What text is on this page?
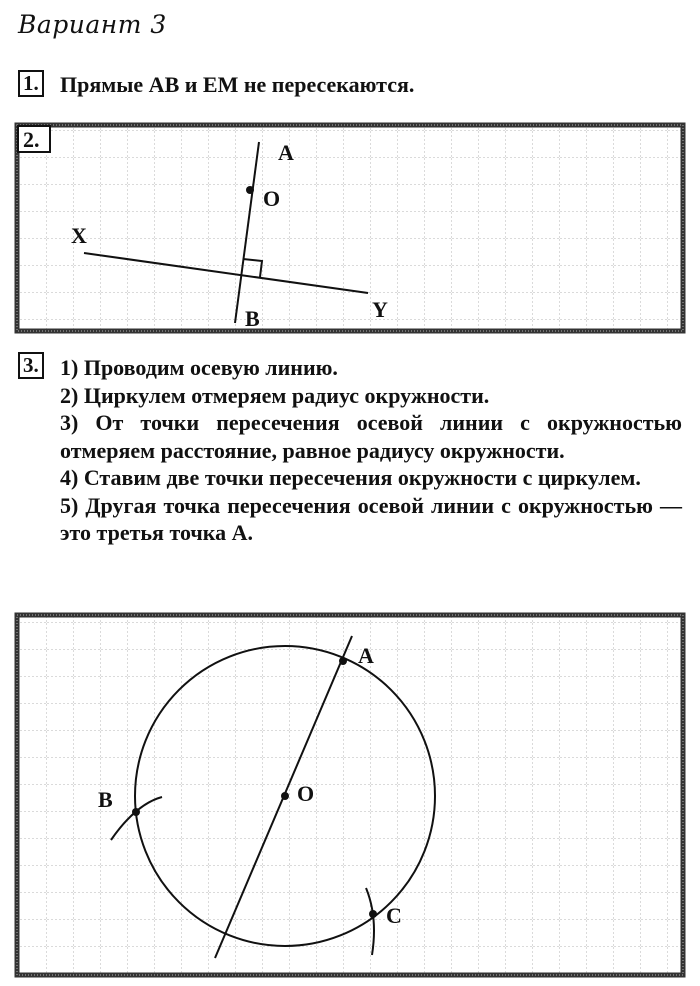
Вариант 3
1. Прямые АВ и ЕМ не пересекаются.
2.
A
O
X
B	Y
3. 1) Проводим осевую линию.
2) Циркулем отмеряем радиус окружности.
3) От точки пересечения осевой линии с окружностью отмеряем расстояние, равное радиусу окружности.
4) Ставим две точки пересечения окружности с циркулем.
5) Другая точка пересечения осевой линии с окружностью — это третья точка А.
A
O
B
C
